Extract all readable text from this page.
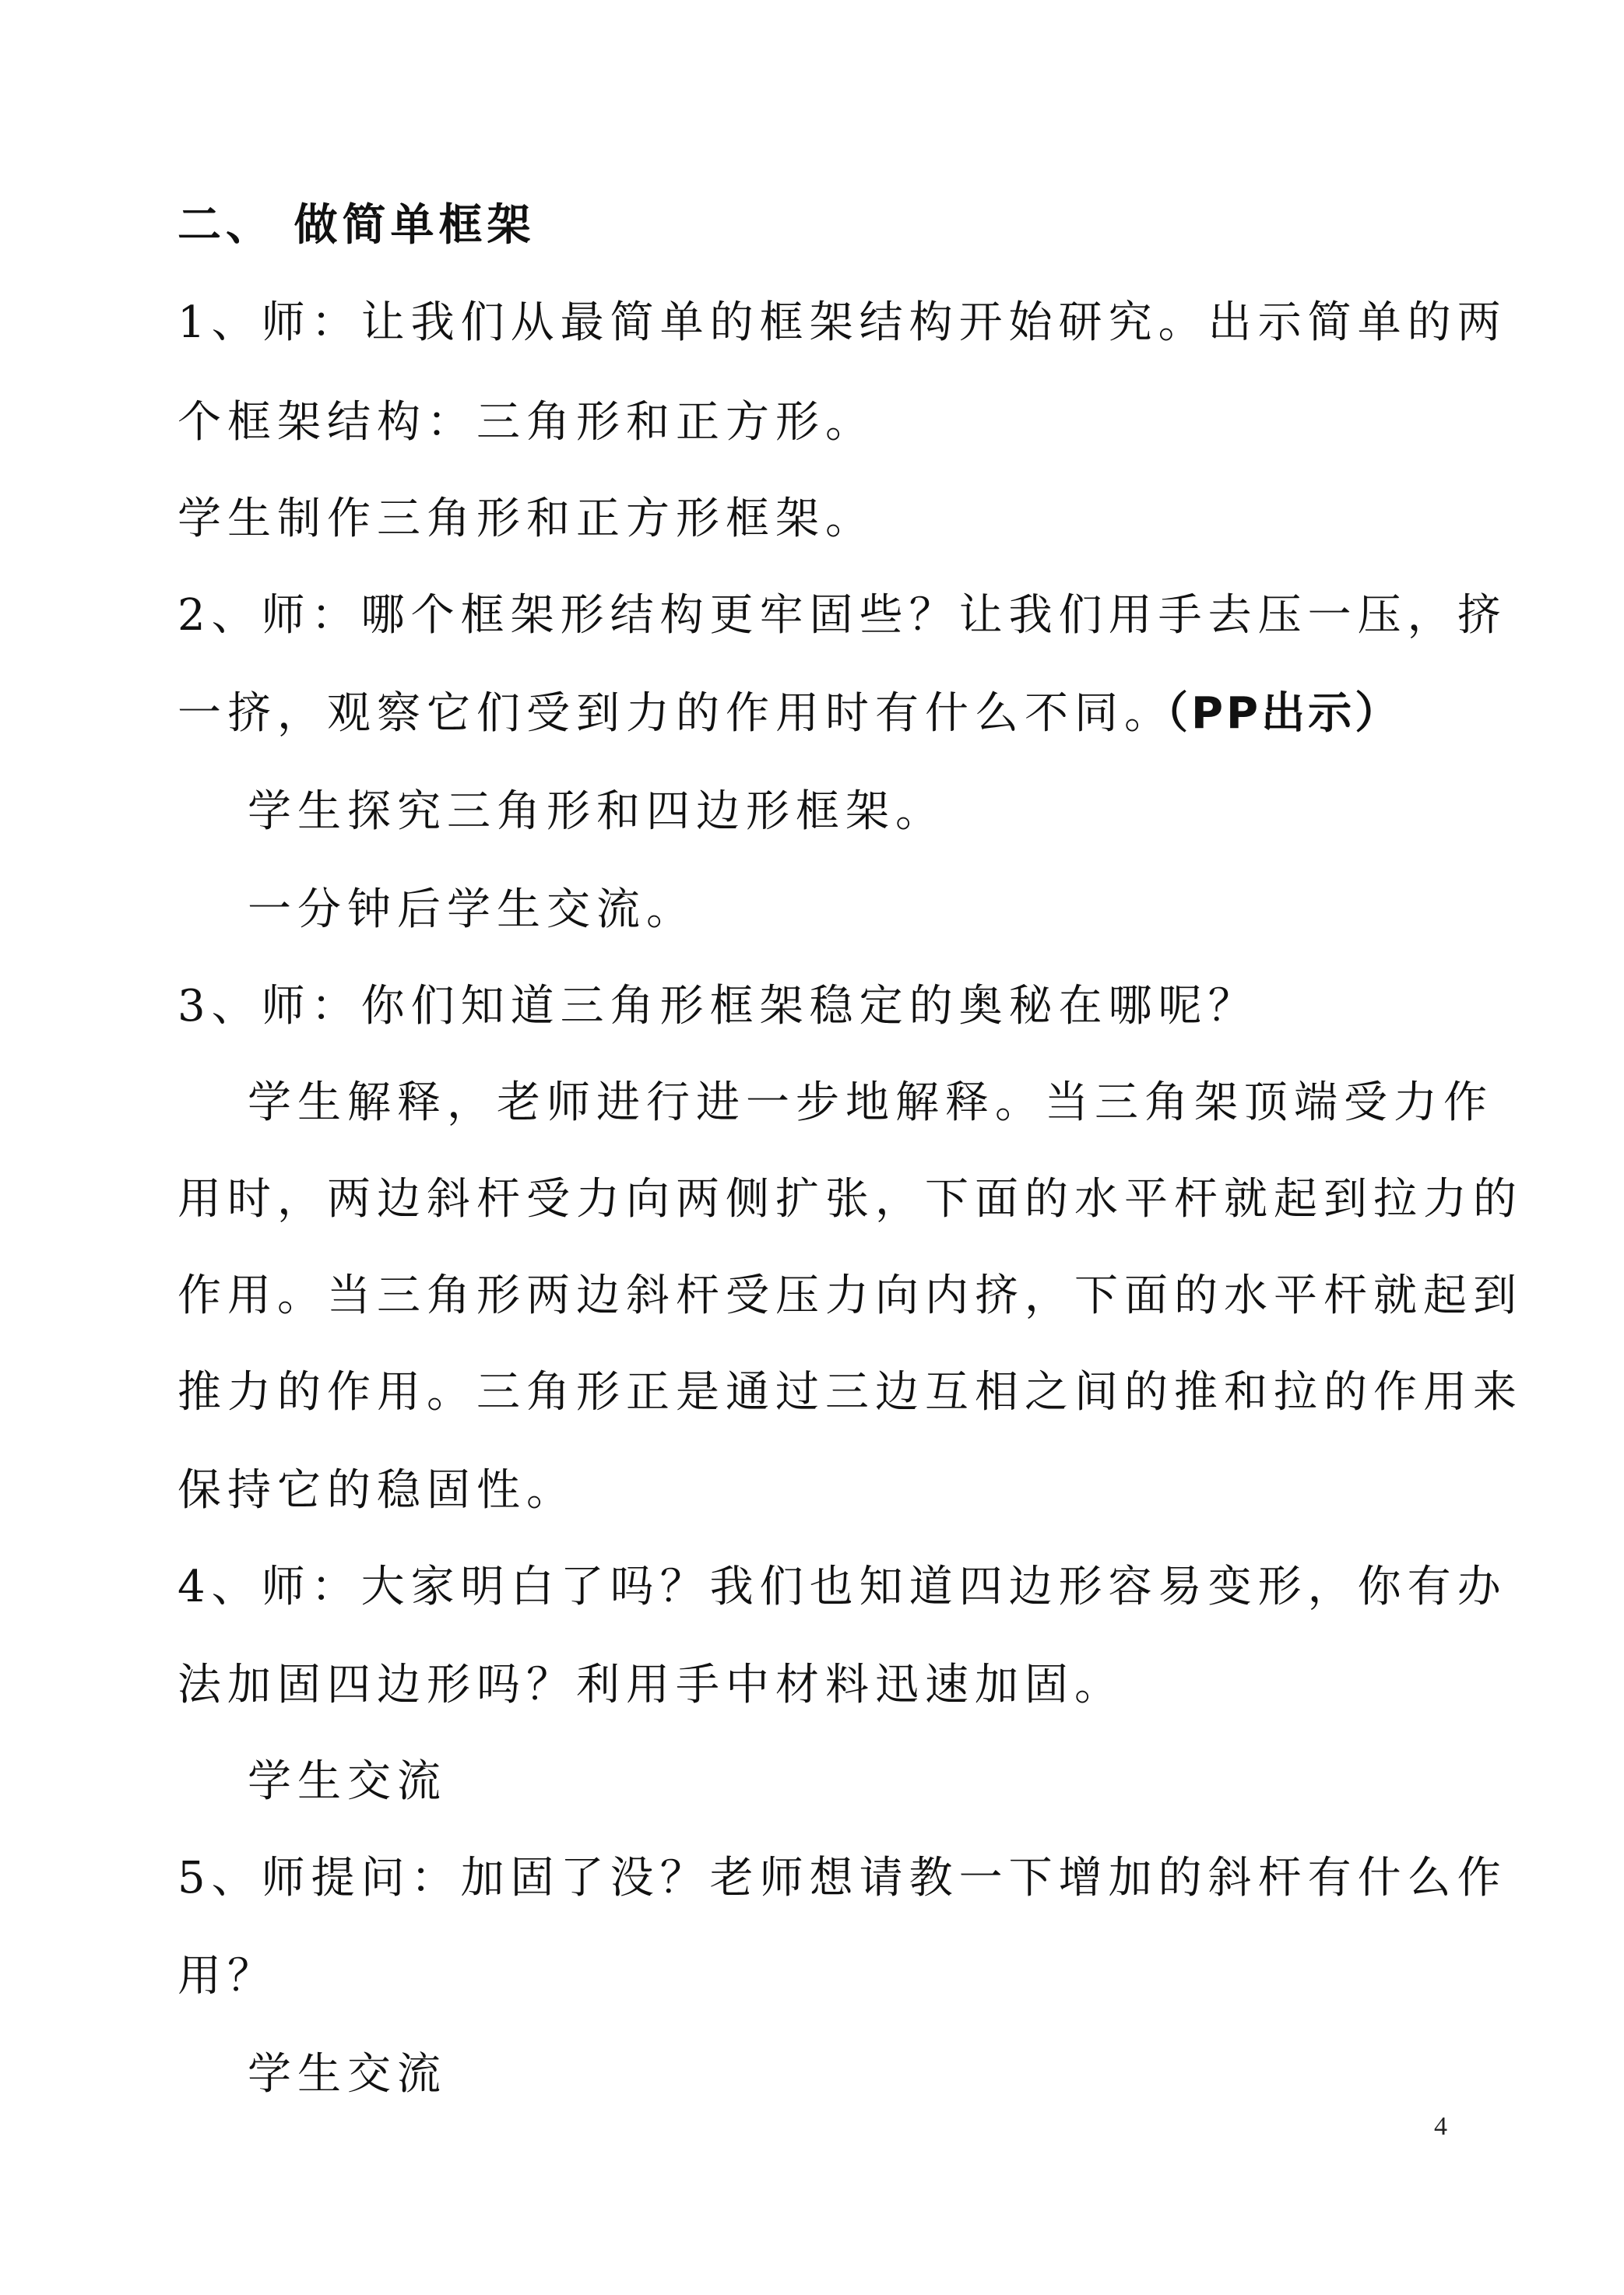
二、 做简单框架
1、师：让我们从最简单的框架结构开始研究。出示简单的两
个框架结构：三角形和正方形。
学生制作三角形和正方形框架。
2、师：哪个框架形结构更牢固些？让我们用手去压一压，挤
一挤，观察它们受到力的作用时有什么不同。
（PP出示）
学生探究三角形和四边形框架。
一分钟后学生交流。
3、师：你们知道三角形框架稳定的奥秘在哪呢？
学生解释，老师进行进一步地解释。当三角架顶端受力作
用时，两边斜杆受力向两侧扩张，下面的水平杆就起到拉力的
作用。当三角形两边斜杆受压力向内挤，下面的水平杆就起到
推力的作用。三角形正是通过三边互相之间的推和拉的作用来
保持它的稳固性。
4、师：大家明白了吗？我们也知道四边形容易变形，你有办
法加固四边形吗？利用手中材料迅速加固。
学生交流
5、师提问：加固了没？老师想请教一下增加的斜杆有什么作
用？
学生交流
4
